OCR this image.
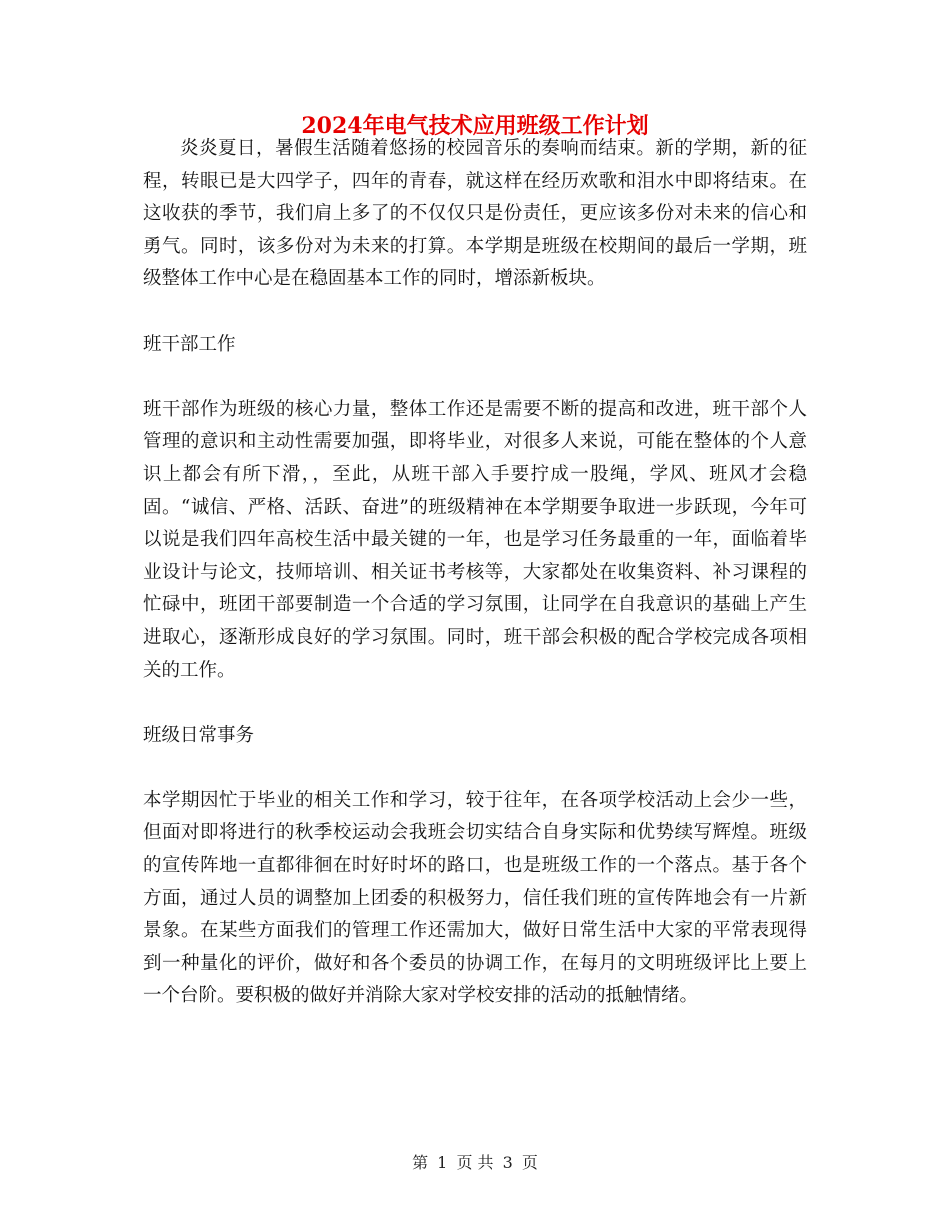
2024年电气技术应用班级工作计划

炎炎夏日，暑假生活随着悠扬的校园音乐的奏响而结束。新的学期，新的征程，转眼已是大四学子，四年的青春，就这样在经历欢歌和泪水中即将结束。在这收获的季节，我们肩上多了的不仅仅只是份责任，更应该多份对未来的信心和勇气。同时，该多份对为未来的打算。本学期是班级在校期间的最后一学期，班级整体工作中心是在稳固基本工作的同时，增添新板块。

班干部工作

班干部作为班级的核心力量，整体工作还是需要不断的提高和改进，班干部个人管理的意识和主动性需要加强，即将毕业，对很多人来说，可能在整体的个人意识上都会有所下滑，，至此，从班干部入手要拧成一股绳，学风、班风才会稳固。“诚信、严格、活跃、奋进”的班级精神在本学期要争取进一步跃现，今年可以说是我们四年高校生活中最关键的一年，也是学习任务最重的一年，面临着毕业设计与论文，技师培训、相关证书考核等，大家都处在收集资料、补习课程的忙碌中，班团干部要制造一个合适的学习氛围，让同学在自我意识的基础上产生进取心，逐渐形成良好的学习氛围。同时，班干部会积极的配合学校完成各项相关的工作。

班级日常事务

本学期因忙于毕业的相关工作和学习，较于往年，在各项学校活动上会少一些，但面对即将进行的秋季校运动会我班会切实结合自身实际和优势续写辉煌。班级的宣传阵地一直都徘徊在时好时坏的路口，也是班级工作的一个落点。基于各个方面，通过人员的调整加上团委的积极努力，信任我们班的宣传阵地会有一片新景象。在某些方面我们的管理工作还需加大，做好日常生活中大家的平常表现得到一种量化的评价，做好和各个委员的协调工作，在每月的文明班级评比上要上一个台阶。要积极的做好并消除大家对学校安排的活动的抵触情绪。

第 1 页 共 3 页
